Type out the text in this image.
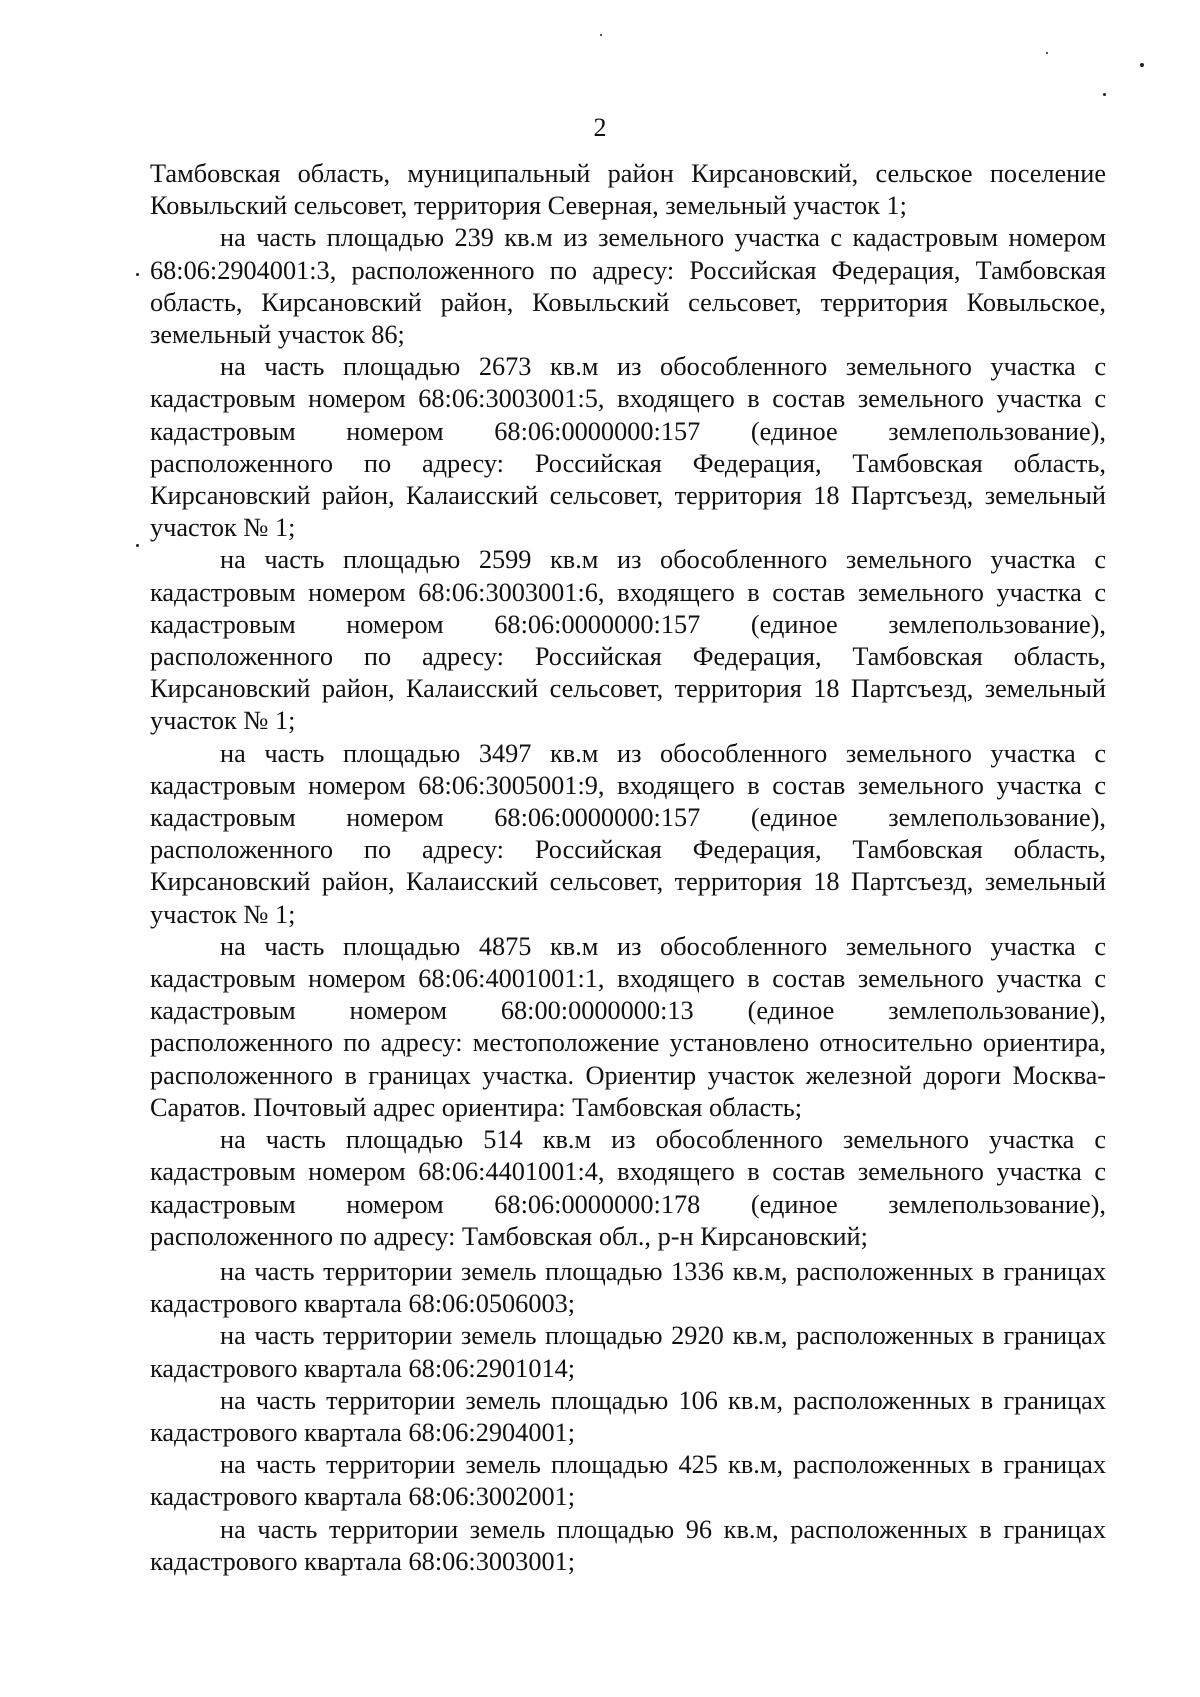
2

Тамбовская область, муниципальный район Кирсановский, сельское поселение Ковыльский сельсовет, территория Северная, земельный участок 1;

на часть площадью 239 кв.м из земельного участка с кадастровым номером 68:06:2904001:3, расположенного по адресу: Российская Федерация, Тамбовская область, Кирсановский район, Ковыльский сельсовет, территория Ковыльское, земельный участок 86;

на часть площадью 2673 кв.м из обособленного земельного участка с кадастровым номером 68:06:3003001:5, входящего в состав земельного участка с кадастровым номером 68:06:0000000:157 (единое землепользование), расположенного по адресу: Российская Федерация, Тамбовская область, Кирсановский район, Калаисский сельсовет, территория 18 Партсъезд, земельный участок № 1;

на часть площадью 2599 кв.м из обособленного земельного участка с кадастровым номером 68:06:3003001:6, входящего в состав земельного участка с кадастровым номером 68:06:0000000:157 (единое землепользование), расположенного по адресу: Российская Федерация, Тамбовская область, Кирсановский район, Калаисский сельсовет, территория 18 Партсъезд, земельный участок № 1;

на часть площадью 3497 кв.м из обособленного земельного участка с кадастровым номером 68:06:3005001:9, входящего в состав земельного участка с кадастровым номером 68:06:0000000:157 (единое землепользование), расположенного по адресу: Российская Федерация, Тамбовская область, Кирсановский район, Калаисский сельсовет, территория 18 Партсъезд, земельный участок № 1;

на часть площадью 4875 кв.м из обособленного земельного участка с кадастровым номером 68:06:4001001:1, входящего в состав земельного участка с кадастровым номером 68:00:0000000:13 (единое землепользование), расположенного по адресу: местоположение установлено относительно ориентира, расположенного в границах участка. Ориентир участок железной дороги Москва-Саратов. Почтовый адрес ориентира: Тамбовская область;

на часть площадью 514 кв.м из обособленного земельного участка с кадастровым номером 68:06:4401001:4, входящего в состав земельного участка с кадастровым номером 68:06:0000000:178 (единое землепользование), расположенного по адресу: Тамбовская обл., р-н Кирсановский;

на часть территории земель площадью 1336 кв.м, расположенных в границах кадастрового квартала 68:06:0506003;

на часть территории земель площадью 2920 кв.м, расположенных в границах кадастрового квартала 68:06:2901014;

на часть территории земель площадью 106 кв.м, расположенных в границах кадастрового квартала 68:06:2904001;

на часть территории земель площадью 425 кв.м, расположенных в границах кадастрового квартала 68:06:3002001;

на часть территории земель площадью 96 кв.м, расположенных в границах кадастрового квартала 68:06:3003001;
